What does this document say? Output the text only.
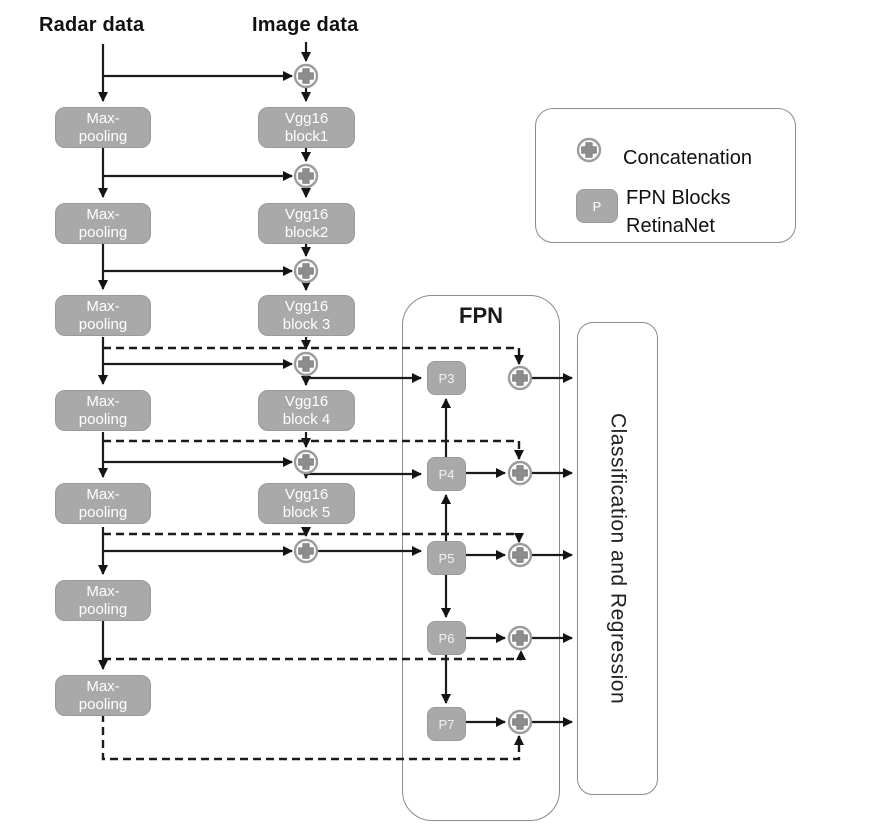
Classification and Regression
Concatenation
P FPN Blocks
RetinaNet
Radar data	Image data
Max-
pooling
Max-
pooling
Max-
pooling
Max-
pooling
Max-
pooling
Max-
pooling
Max-
pooling
Vgg16
block1
Vgg16
block2
Vgg16
block 3
Vgg16
block 4
Vgg16
block 5
FPN
P3
P4
P5
P6
P7
